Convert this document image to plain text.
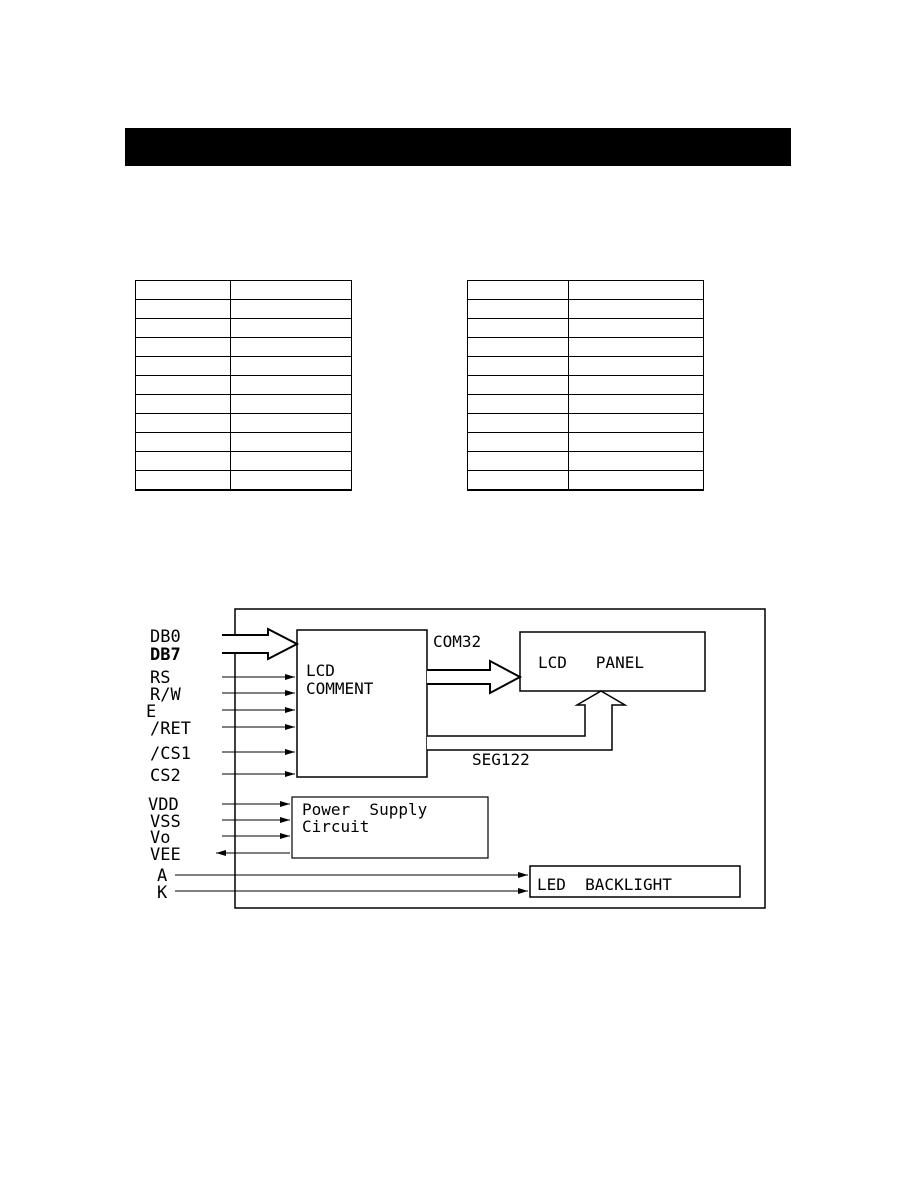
DB0
DB7
RS
R/W
E
/RET
/CS1
CS2
VDD
VSS
Vo
VEE
A
K
LCD
COMMENT
LCD   PANEL
Power  Supply
Circuit
LED  BACKLIGHT
COM32
SEG122
